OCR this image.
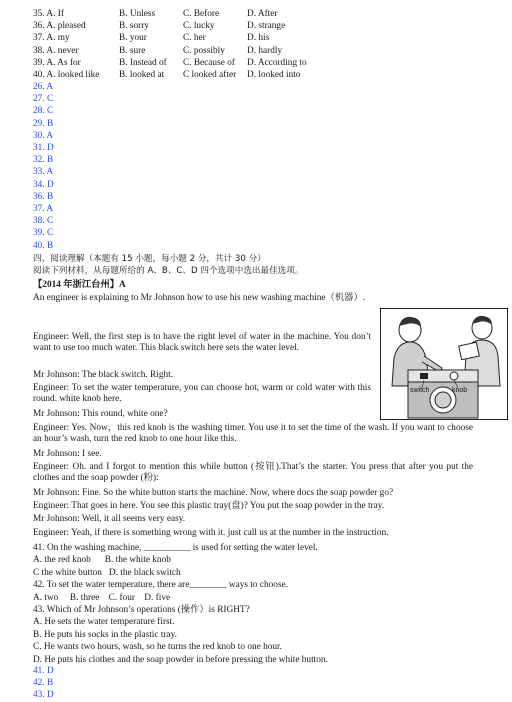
35. A. If	B. Unless	C. Before	D. After
36. A. pleased	B. sorry	C. lucky	D. strange
37. A. my	B. your	C. her	D. his
38. A. never	B. sure	C. possibly D. hardly
39. A. As for	B. Instead of C. Because of D. According to
40. A. looked like B. looked at C looked after D. looked into
26. A
27. C
28. C
29. B
30. A
31. D
32. B
33. A
34. D
36. B
37. A
38. C
39. C
40. B
四、阅读理解（本题有 15 小题，每小题 2 分，共计 30 分）
阅读下列材料，从每题所给的 A、B、C、D 四个选项中选出最佳选项。
【2014 年浙江台州】A
An engineer is explaining to Mr Johnson how to use his new washing machine（机器）.
Engineer: Well, the first step is to have the right level of water in the machine. You don’t want to use too much water. This black switch here sets the water level.
Mr Johnson: The black switch. Right.
Engineer: To set the water temperature, you can choose hot, warm or cold water with this round. white knob here.
Mr Johnson: This round, white one?
switch	knob
Engineer: Yes. Now，this red knob is the washing timer. You use it to set the time of the wash. If you want to choose an hour’s wash, turn the red knob to one hour like this.
Mr Johnson: I see.
Engineer: Oh. and I forgot to mention this while button (按钮).That’s the starter. You press that after you put the clothes and the soap powder (粉):
Mr Johnson: Fine. So the white button starts the machine. Now, where docs the soap powder go?
Engineer: That goes in here. You see this plastic tray(盘)? You put the soap powder in the tray.
Mr Johnson: Well, it all seems very easy.
Engineer: Yeah, if there is something wrong with it. just call us at the number in the instruction.
41. On the washing machine, __________ is used for setting the water level.
A. the red knob      B. the white knob
C the white button   D. the black switch
42. To set the water temperature, there are________ ways to choose.
A. two     B. three    C. four    D. five
43. Which of Mr Johnson’s operations (操作）is RIGHT?
A. He sets the water temperature first.
B. He puts his socks in the plastic tray.
C. He wants two hours, wash, so he turns the red knob to one hour.
D. He puts his clothes and the soap powder in before pressing the white button.
41. D
42. B
43. D
